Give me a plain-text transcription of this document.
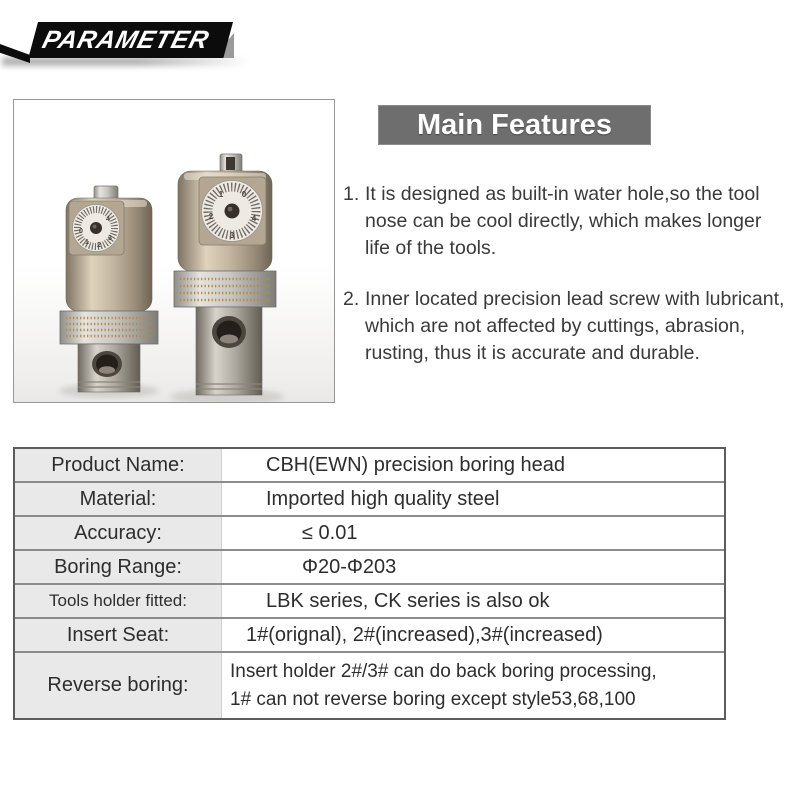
PARAMETER
0
1 2
3
4
1 0
2
3
4
Main Features
1. It is designed as built-in water hole,so the tool nose can be cool directly, which makes longer life of the tools.
2. Inner located precision lead screw with lubricant, which are not affected by cuttings, abrasion, rusting, thus it is accurate and durable.
Product Name:	CBH(EWN) precision boring head
Material:	Imported high quality steel
Accuracy:	≤ 0.01
Boring Range:	Φ20-Φ203
Tools holder fitted:	LBK series, CK series is also ok
Insert Seat:	1#(orignal), 2#(increased),3#(increased)
Reverse boring:
Insert holder 2#/3# can do back boring processing,
1# can not reverse boring except style53,68,100
